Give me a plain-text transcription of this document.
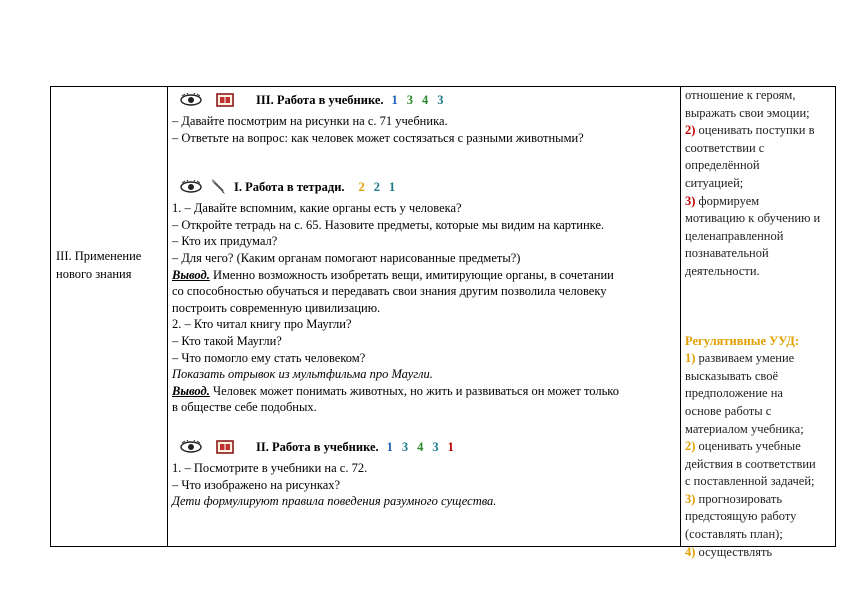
III. Применение
нового знания
III. Работа в учебнике. 1 3 4 3
– Давайте посмотрим на рисунки на с. 71 учебника.
– Ответьте на вопрос: как человек может состязаться с разными животными?
I. Работа в тетради. 2 2 1
1. – Давайте вспомним, какие органы есть у человека?
– Откройте тетрадь на с. 65. Назовите предметы, которые мы видим на картинке.
– Кто их придумал?
– Для чего? (Каким органам помогают нарисованные предметы?)
Вывод. Именно возможность изобретать вещи, имитирующие органы, в сочетании
со способностью обучаться и передавать свои знания другим позволила человеку
построить современную цивилизацию.
2. – Кто читал книгу про Маугли?
– Кто такой Маугли?
– Что помогло ему стать человеком?
Показать отрывок из мультфильма про Маугли.
Вывод. Человек может понимать животных, но жить и развиваться он может только
в обществе себе подобных.
II. Работа в учебнике. 1 3 4 3 1
1. – Посмотрите в учебники на с. 72.
– Что изображено на рисунках?
Дети формулируют правила поведения разумного существа.
отношение к героям,
выражать свои эмоции;
2) оценивать поступки в
соответствии с
определённой
ситуацией;
3) формируем
мотивацию к обучению и
целенаправленной
познавательной
деятельности.
Регулятивные УУД:
1) развиваем умение
высказывать своё
предположение на
основе работы с
материалом учебника;
2) оценивать учебные
действия в соответствии
с поставленной задачей;
3) прогнозировать
предстоящую работу
(составлять план);
4) осуществлять
